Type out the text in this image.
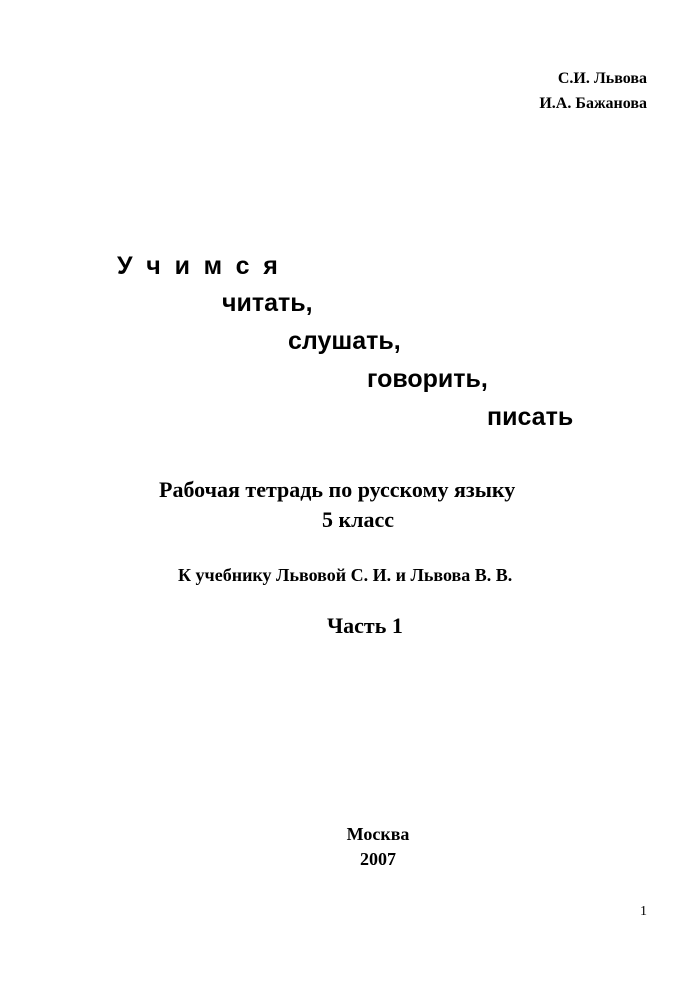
С.И. Львова
И.А. Бажанова
Учимся
читать,
слушать,
говорить,
писать
Рабочая тетрадь по русскому языку
5 класс
К учебнику Львовой С. И. и Львова В. В.
Часть 1
Москва
2007
1
